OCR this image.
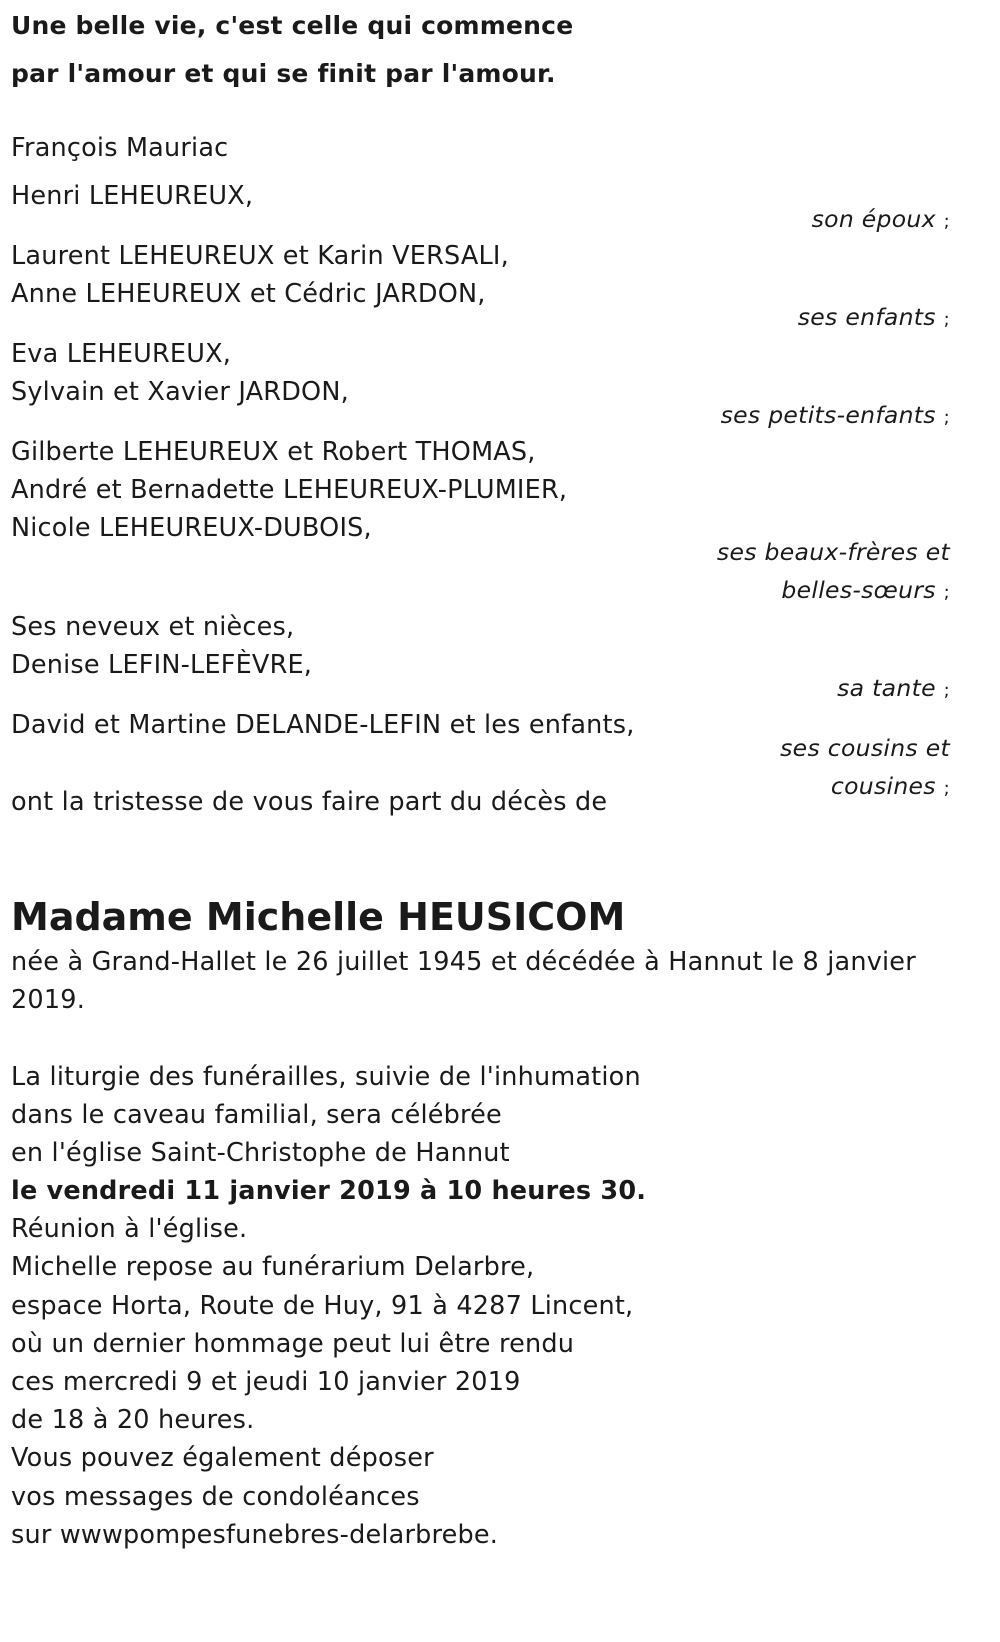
Une belle vie, c'est celle qui commence
par l'amour et qui se finit par l'amour.
François Mauriac
Henri LEHEUREUX,
son époux ;
Laurent LEHEUREUX et Karin VERSALI,
Anne LEHEUREUX et Cédric JARDON,
ses enfants ;
Eva LEHEUREUX,
Sylvain et Xavier JARDON,
ses petits-enfants ;
Gilberte LEHEUREUX et Robert THOMAS,
André et Bernadette LEHEUREUX-PLUMIER,
Nicole LEHEUREUX-DUBOIS,
ses beaux-frères et
belles-sœurs ;
Ses neveux et nièces,
Denise LEFIN-LEFÈVRE,
sa tante ;
David et Martine DELANDE-LEFIN et les enfants,
ses cousins et
cousines ;
ont la tristesse de vous faire part du décès de
Madame Michelle HEUSICOM
née à Grand-Hallet le 26 juillet 1945 et décédée à Hannut le 8 janvier
2019.
La liturgie des funérailles, suivie de l'inhumation
dans le caveau familial, sera célébrée
en l'église Saint-Christophe de Hannut
le vendredi 11 janvier 2019 à 10 heures 30.
Réunion à l'église.
Michelle repose au funérarium Delarbre,
espace Horta, Route de Huy, 91 à 4287 Lincent,
où un dernier hommage peut lui être rendu
ces mercredi 9 et jeudi 10 janvier 2019
de 18 à 20 heures.
Vous pouvez également déposer
vos messages de condoléances
sur wwwpompesfunebres-delarbrebe.
